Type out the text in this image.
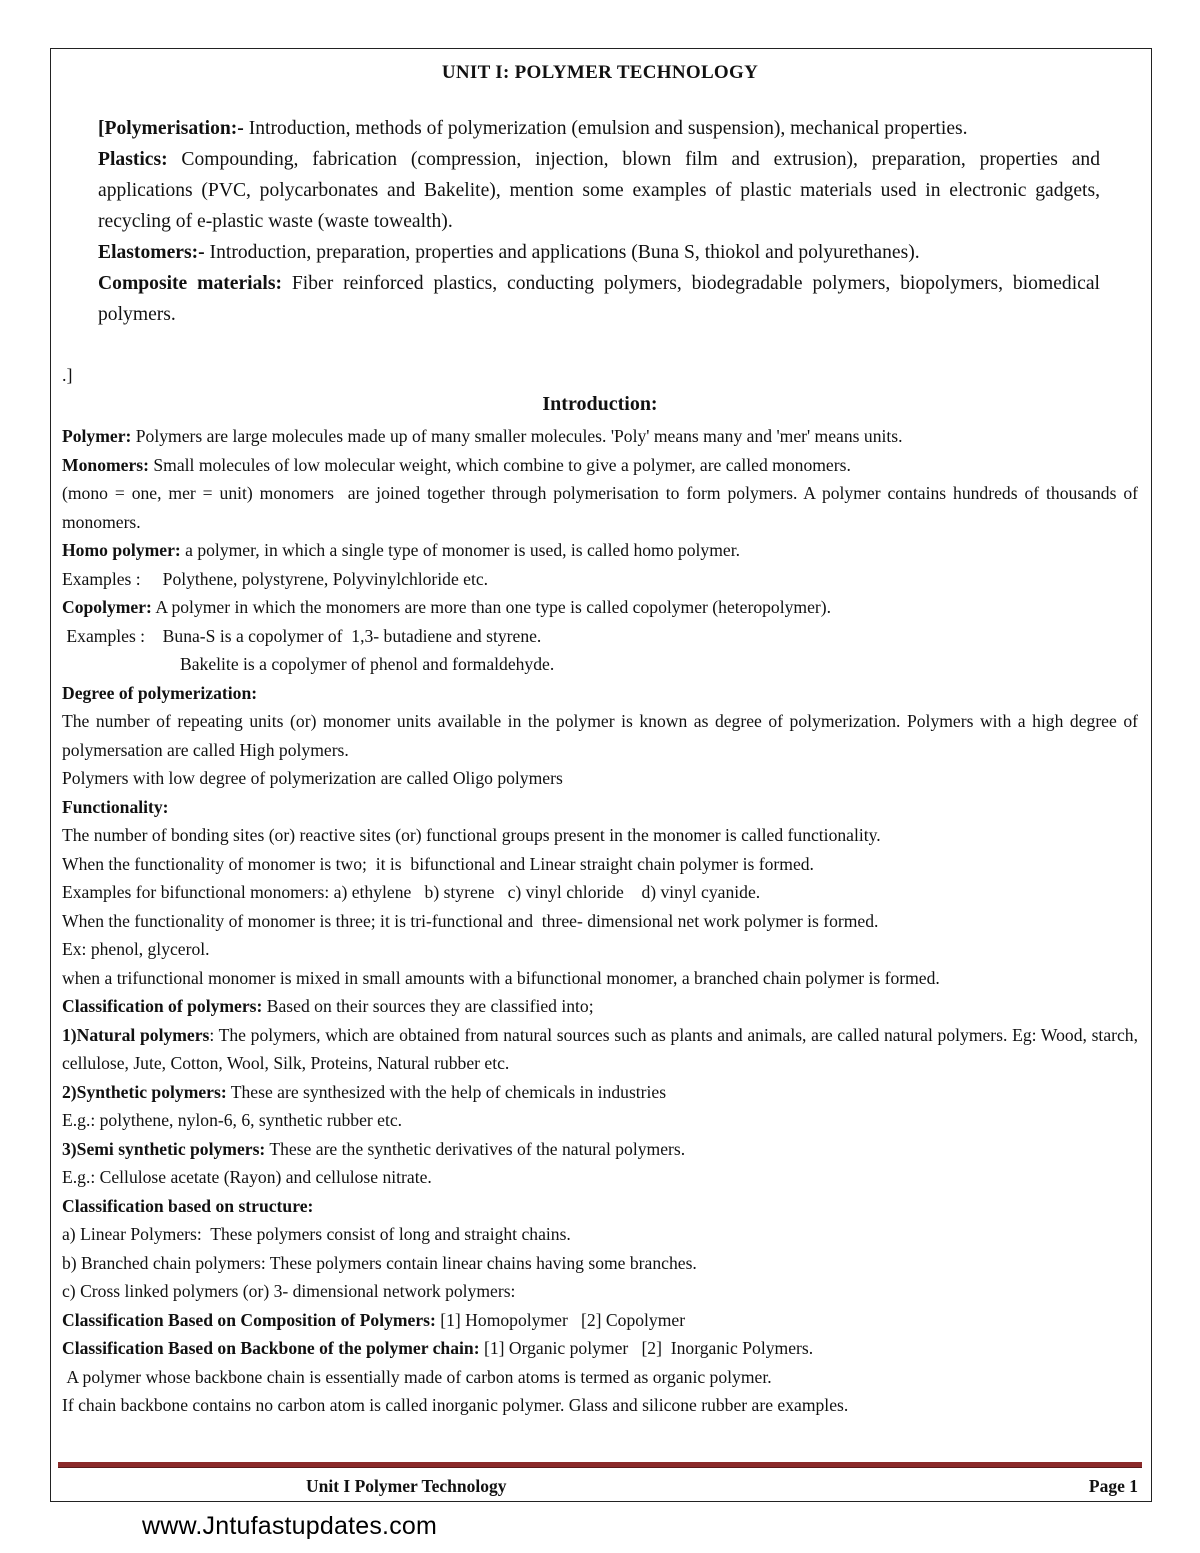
UNIT I: POLYMER TECHNOLOGY

[Polymerisation:- Introduction, methods of polymerization (emulsion and suspension), mechanical properties.

Plastics: Compounding, fabrication (compression, injection, blown film and extrusion), preparation, properties and applications (PVC, polycarbonates and Bakelite), mention some examples of plastic materials used in electronic gadgets, recycling of e-plastic waste (waste towealth).

Elastomers:- Introduction, preparation, properties and applications (Buna S, thiokol and polyurethanes).

Composite materials: Fiber reinforced plastics, conducting polymers, biodegradable polymers, biopolymers, biomedical polymers.

.]
Introduction:

Polymer: Polymers are large molecules made up of many smaller molecules. 'Poly' means many and 'mer' means units.

Monomers: Small molecules of low molecular weight, which combine to give a polymer, are called monomers.

(mono = one, mer = unit) monomers  are joined together through polymerisation to form polymers. A polymer contains hundreds of thousands of monomers.

Homo polymer: a polymer, in which a single type of monomer is used, is called homo polymer.

Examples :     Polythene, polystyrene, Polyvinylchloride etc.

Copolymer: A polymer in which the monomers are more than one type is called copolymer (heteropolymer).

Examples :    Buna-S is a copolymer of  1,3- butadiene and styrene.

Bakelite is a copolymer of phenol and formaldehyde.

Degree of polymerization:

The number of repeating units (or) monomer units available in the polymer is known as degree of polymerization. Polymers with a high degree of polymersation are called High polymers.

Polymers with low degree of polymerization are called Oligo polymers

Functionality:

The number of bonding sites (or) reactive sites (or) functional groups present in the monomer is called functionality.

When the functionality of monomer is two;  it is  bifunctional and Linear straight chain polymer is formed.

Examples for bifunctional monomers: a) ethylene   b) styrene   c) vinyl chloride    d) vinyl cyanide.

When the functionality of monomer is three; it is tri-functional and  three- dimensional net work polymer is formed.

Ex: phenol, glycerol.

when a trifunctional monomer is mixed in small amounts with a bifunctional monomer, a branched chain polymer is formed.

Classification of polymers: Based on their sources they are classified into;

1)Natural polymers: The polymers, which are obtained from natural sources such as plants and animals, are called natural polymers. Eg: Wood, starch, cellulose, Jute, Cotton, Wool, Silk, Proteins, Natural rubber etc.

2)Synthetic polymers: These are synthesized with the help of chemicals in industries

E.g.: polythene, nylon-6, 6, synthetic rubber etc.

3)Semi synthetic polymers: These are the synthetic derivatives of the natural polymers.

E.g.: Cellulose acetate (Rayon) and cellulose nitrate.

Classification based on structure:

a) Linear Polymers:  These polymers consist of long and straight chains.

b) Branched chain polymers: These polymers contain linear chains having some branches.

c) Cross linked polymers (or) 3- dimensional network polymers:

Classification Based on Composition of Polymers: [1] Homopolymer   [2] Copolymer

Classification Based on Backbone of the polymer chain: [1] Organic polymer   [2]  Inorganic Polymers.

A polymer whose backbone chain is essentially made of carbon atoms is termed as organic polymer.

If chain backbone contains no carbon atom is called inorganic polymer. Glass and silicone rubber are examples.

Unit I Polymer Technology	Page 1
www.Jntufastupdates.com
